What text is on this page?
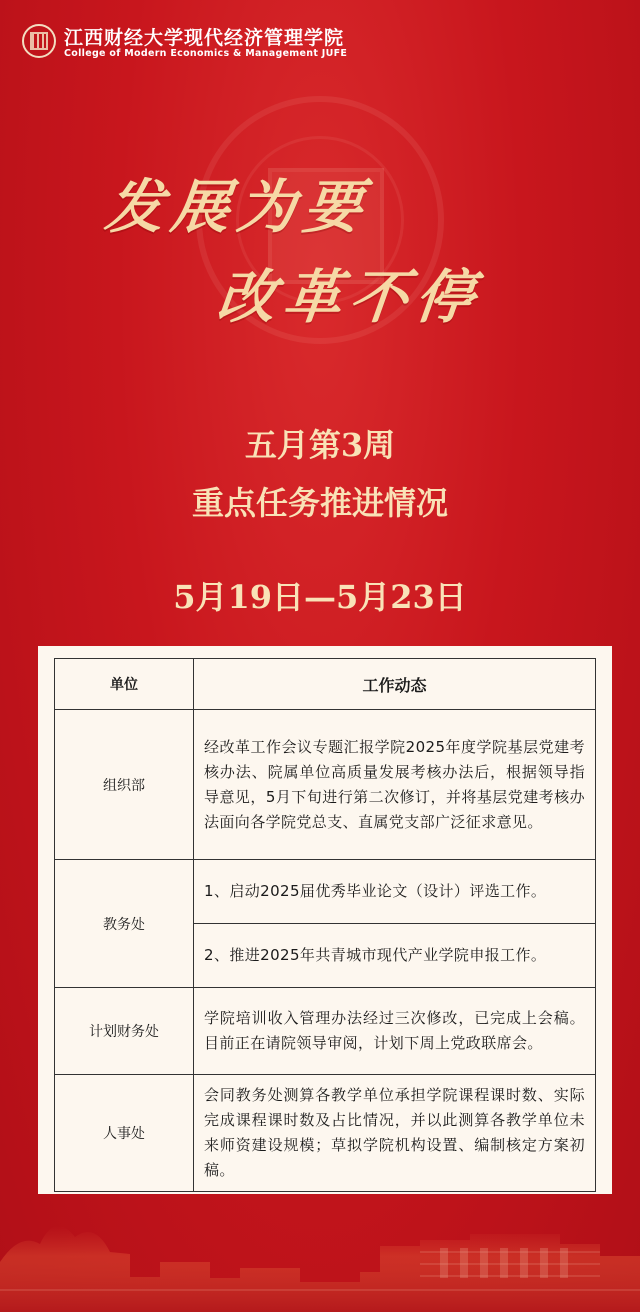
江西财经大学现代经济管理学院
College of Modern Economics & Management JUFE
发展为要
改革不停
五月第3周
重点任务推进情况
5月19日—5月23日
单位	工作动态
组织部	经改革工作会议专题汇报学院2025年度学院基层党建考核办法、院属单位高质量发展考核办法后，根据领导指导意见，5月下旬进行第二次修订，并将基层党建考核办法面向各学院党总支、直属党支部广泛征求意见。
教务处	1、启动2025届优秀毕业论文（设计）评选工作。
	2、推进2025年共青城市现代产业学院申报工作。
计划财务处	学院培训收入管理办法经过三次修改，已完成上会稿。目前正在请院领导审阅，计划下周上党政联席会。
人事处	会同教务处测算各教学单位承担学院课程课时数、实际完成课程课时数及占比情况，并以此测算各教学单位未来师资建设规模；草拟学院机构设置、编制核定方案初稿。
